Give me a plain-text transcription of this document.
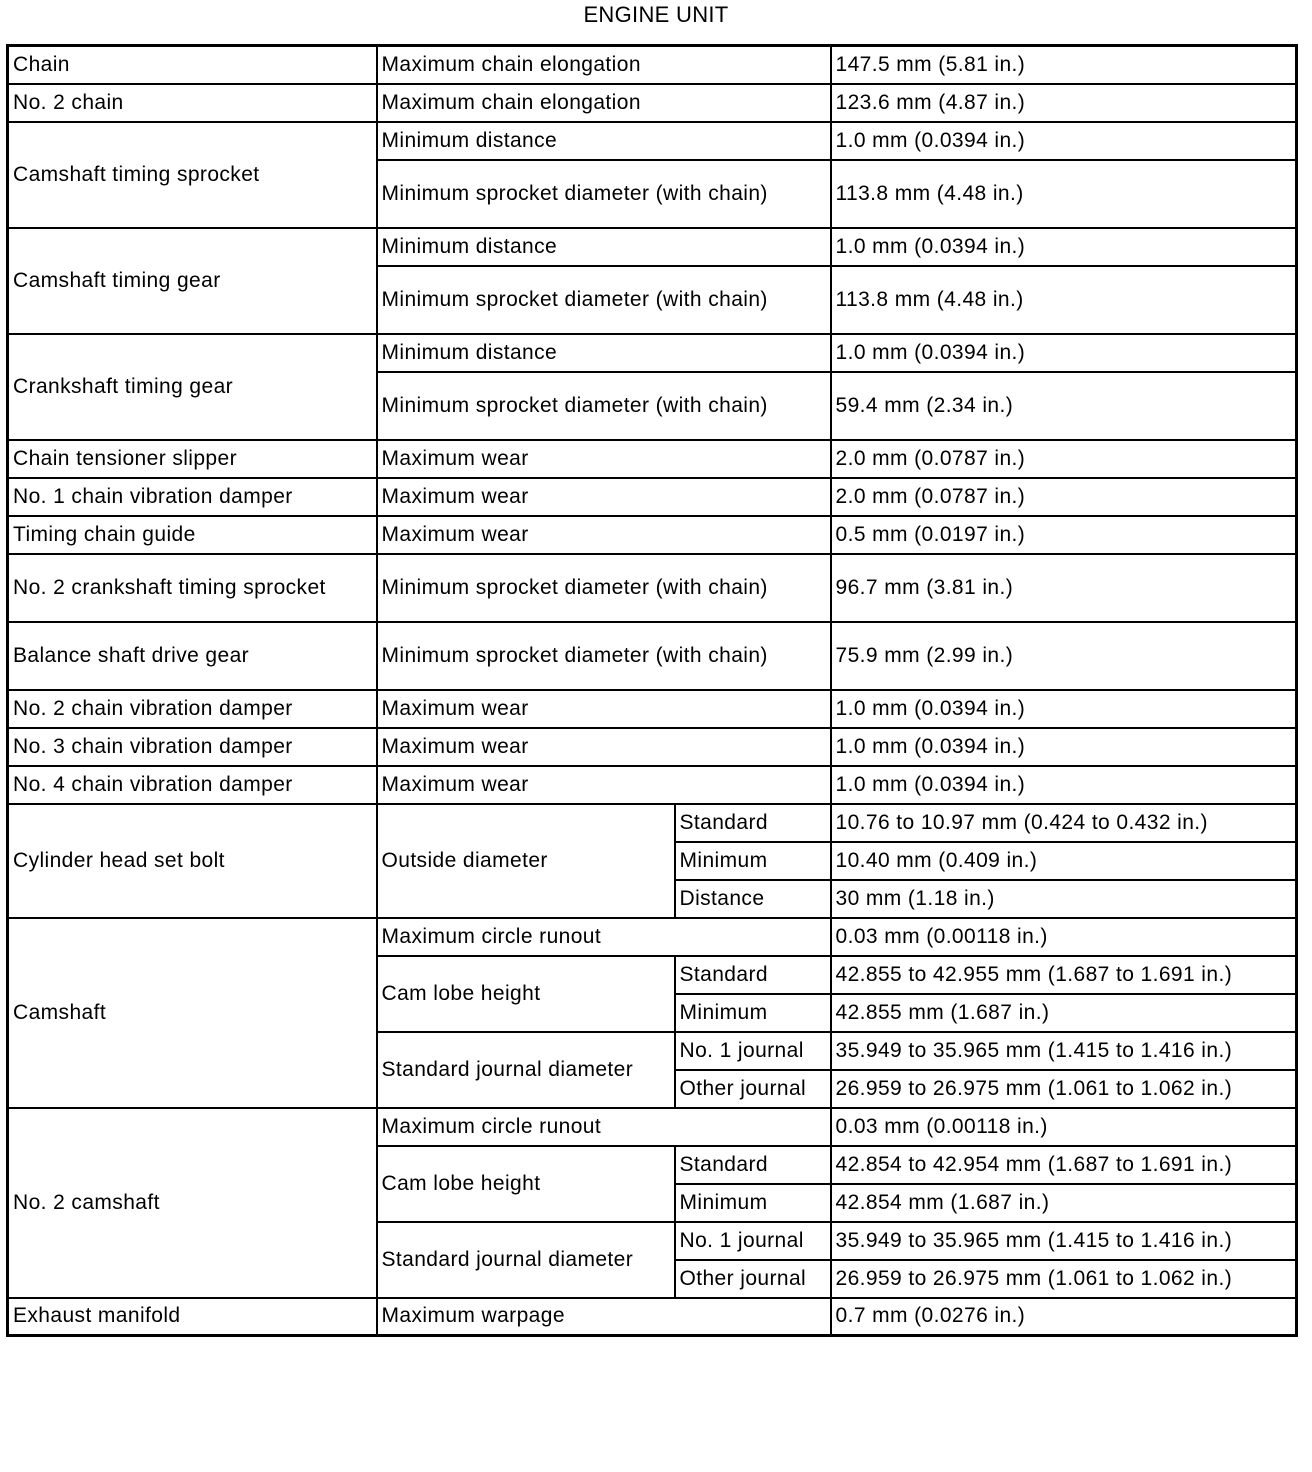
ENGINE UNIT
Chain	Maximum chain elongation		147.5 mm (5.81 in.)
No. 2 chain	Maximum chain elongation		123.6 mm (4.87 in.)
Camshaft timing sprocket	Minimum distance		1.0 mm (0.0394 in.)
	Minimum sprocket diameter (with chain)		113.8 mm (4.48 in.)
Camshaft timing gear	Minimum distance		1.0 mm (0.0394 in.)
	Minimum sprocket diameter (with chain)		113.8 mm (4.48 in.)
Crankshaft timing gear	Minimum distance		1.0 mm (0.0394 in.)
	Minimum sprocket diameter (with chain)		59.4 mm (2.34 in.)
Chain tensioner slipper	Maximum wear		2.0 mm (0.0787 in.)
No. 1 chain vibration damper	Maximum wear		2.0 mm (0.0787 in.)
Timing chain guide	Maximum wear		0.5 mm (0.0197 in.)
No. 2 crankshaft timing sprocket	Minimum sprocket diameter (with chain)		96.7 mm (3.81 in.)
Balance shaft drive gear	Minimum sprocket diameter (with chain)		75.9 mm (2.99 in.)
No. 2 chain vibration damper	Maximum wear		1.0 mm (0.0394 in.)
No. 3 chain vibration damper	Maximum wear		1.0 mm (0.0394 in.)
No. 4 chain vibration damper	Maximum wear		1.0 mm (0.0394 in.)
Cylinder head set bolt	Outside diameter	Standard	10.76 to 10.97 mm (0.424 to 0.432 in.)
		Minimum	10.40 mm (0.409 in.)
		Distance	30 mm (1.18 in.)
Camshaft	Maximum circle runout		0.03 mm (0.00118 in.)
	Cam lobe height	Standard	42.855 to 42.955 mm (1.687 to 1.691 in.)
		Minimum	42.855 mm (1.687 in.)
	Standard journal diameter	No. 1 journal	35.949 to 35.965 mm (1.415 to 1.416 in.)
		Other journal	26.959 to 26.975 mm (1.061 to 1.062 in.)
No. 2 camshaft	Maximum circle runout		0.03 mm (0.00118 in.)
	Cam lobe height	Standard	42.854 to 42.954 mm (1.687 to 1.691 in.)
		Minimum	42.854 mm (1.687 in.)
	Standard journal diameter	No. 1 journal	35.949 to 35.965 mm (1.415 to 1.416 in.)
		Other journal	26.959 to 26.975 mm (1.061 to 1.062 in.)
Exhaust manifold	Maximum warpage		0.7 mm (0.0276 in.)
